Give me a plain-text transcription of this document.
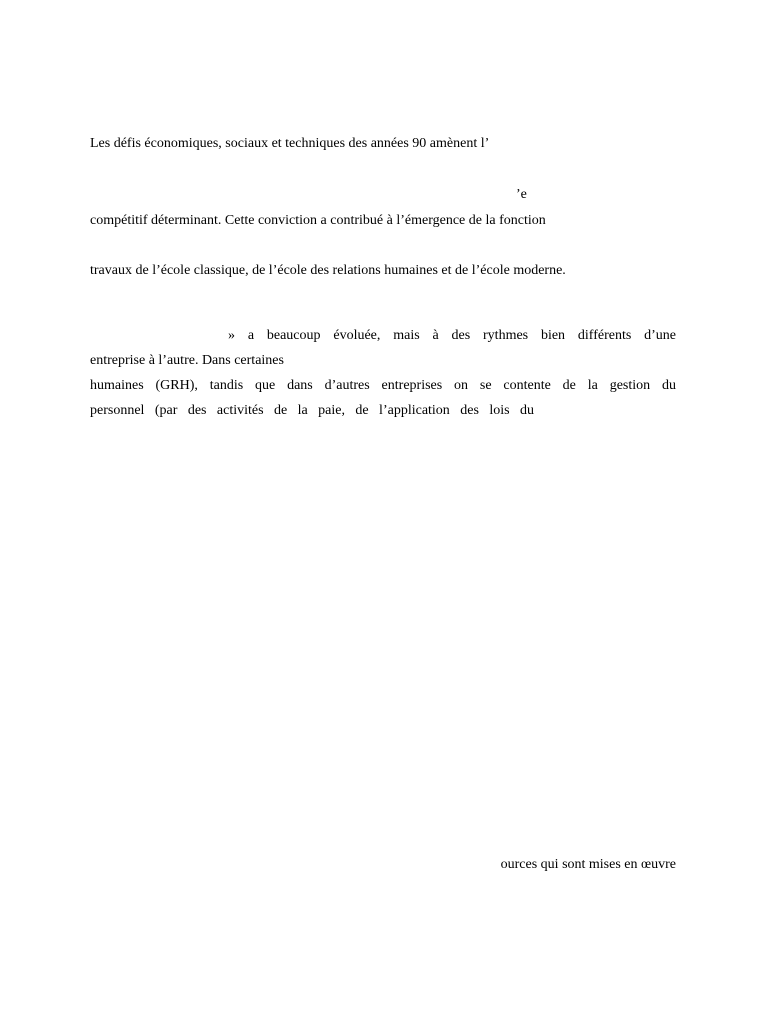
Les défis économiques, sociaux et techniques des années 90 amènent l’
’e
compétitif déterminant. Cette conviction a contribué à l’émergence de la fonction
travaux de l’école classique, de l’école des relations humaines et de l’école moderne.
» a beaucoup évoluée, mais à des rythmes bien différents d’une
entreprise à l’autre. Dans certaines
humaines (GRH), tandis que dans d’autres entreprises on se contente de la gestion du
personnel (par des activités de la paie, de l’application des lois du
ources qui sont mises en œuvre
